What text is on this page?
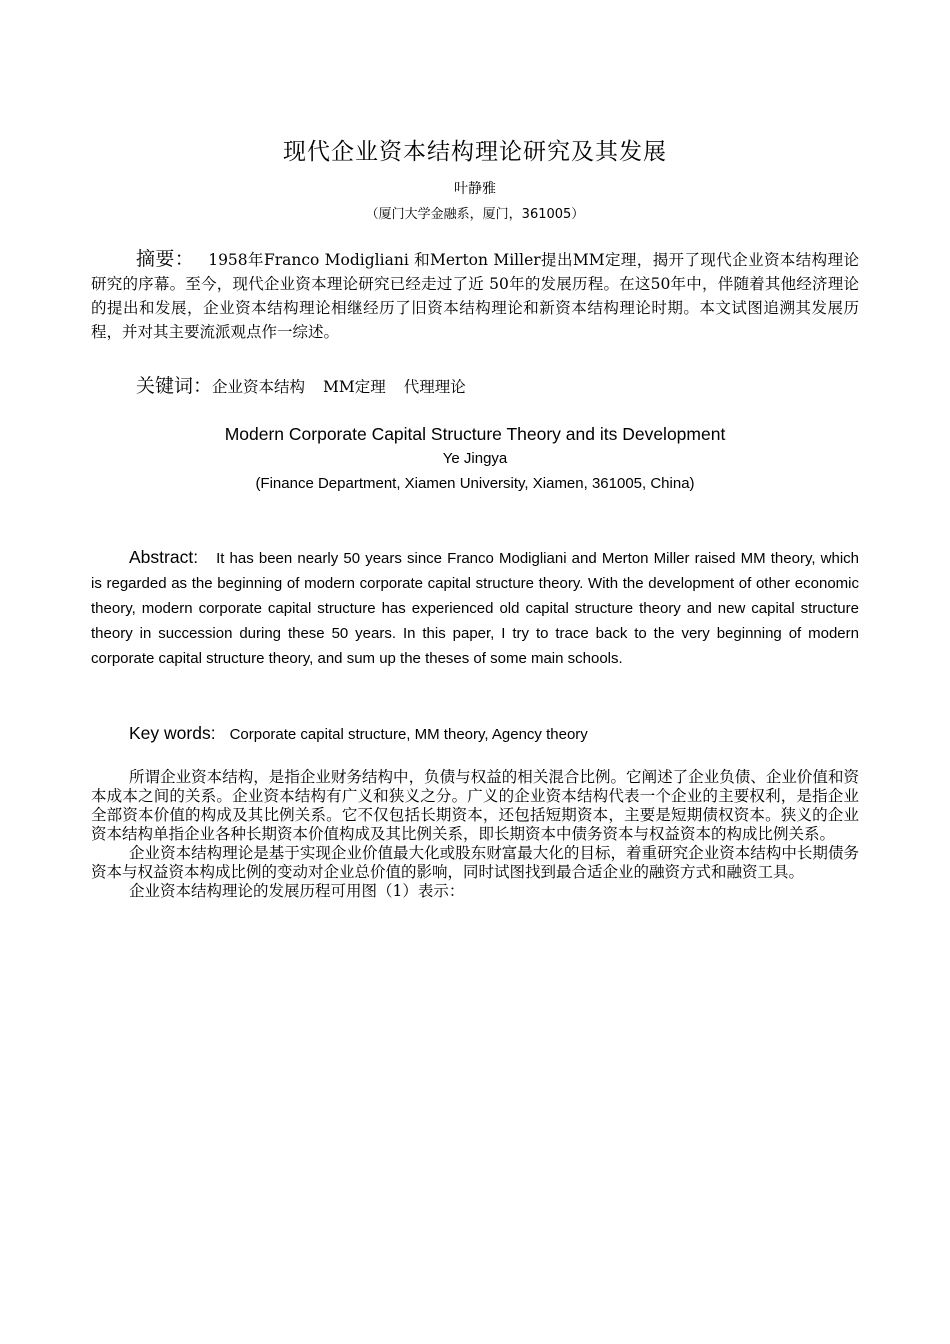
现代企业资本结构理论研究及其发展
叶静雅
（厦门大学金融系，厦门，361005）
摘要： 1958年Franco Modigliani 和Merton Miller提出MM定理，揭开了现代企业资本结构理论研究的序幕。至今，现代企业资本理论研究已经走过了近 50年的发展历程。在这50年中，伴随着其他经济理论的提出和发展，企业资本结构理论相继经历了旧资本结构理论和新资本结构理论时期。本文试图追溯其发展历程，并对其主要流派观点作一综述。
关键词：企业资本结构 MM定理 代理理论
Modern Corporate Capital Structure Theory and its Development
Ye Jingya
(Finance Department, Xiamen University, Xiamen, 361005, China)
Abstract: It has been nearly 50 years since Franco Modigliani and Merton Miller raised MM theory, which is regarded as the beginning of modern corporate capital structure theory. With the development of other economic theory, modern corporate capital structure has experienced old capital structure theory and new capital structure theory in succession during these 50 years. In this paper, I try to trace back to the very beginning of modern corporate capital structure theory, and sum up the theses of some main schools.
Key words: Corporate capital structure, MM theory, Agency theory

所谓企业资本结构，是指企业财务结构中，负债与权益的相关混合比例。它阐述了企业负债、企业价值和资本成本之间的关系。企业资本结构有广义和狭义之分。广义的企业资本结构代表一个企业的主要权利，是指企业全部资本价值的构成及其比例关系。它不仅包括长期资本，还包括短期资本，主要是短期债权资本。狭义的企业资本结构单指企业各种长期资本价值构成及其比例关系，即长期资本中债务资本与权益资本的构成比例关系。

企业资本结构理论是基于实现企业价值最大化或股东财富最大化的目标，着重研究企业资本结构中长期债务资本与权益资本构成比例的变动对企业总价值的影响，同时试图找到最合适企业的融资方式和融资工具。

企业资本结构理论的发展历程可用图（1）表示：
